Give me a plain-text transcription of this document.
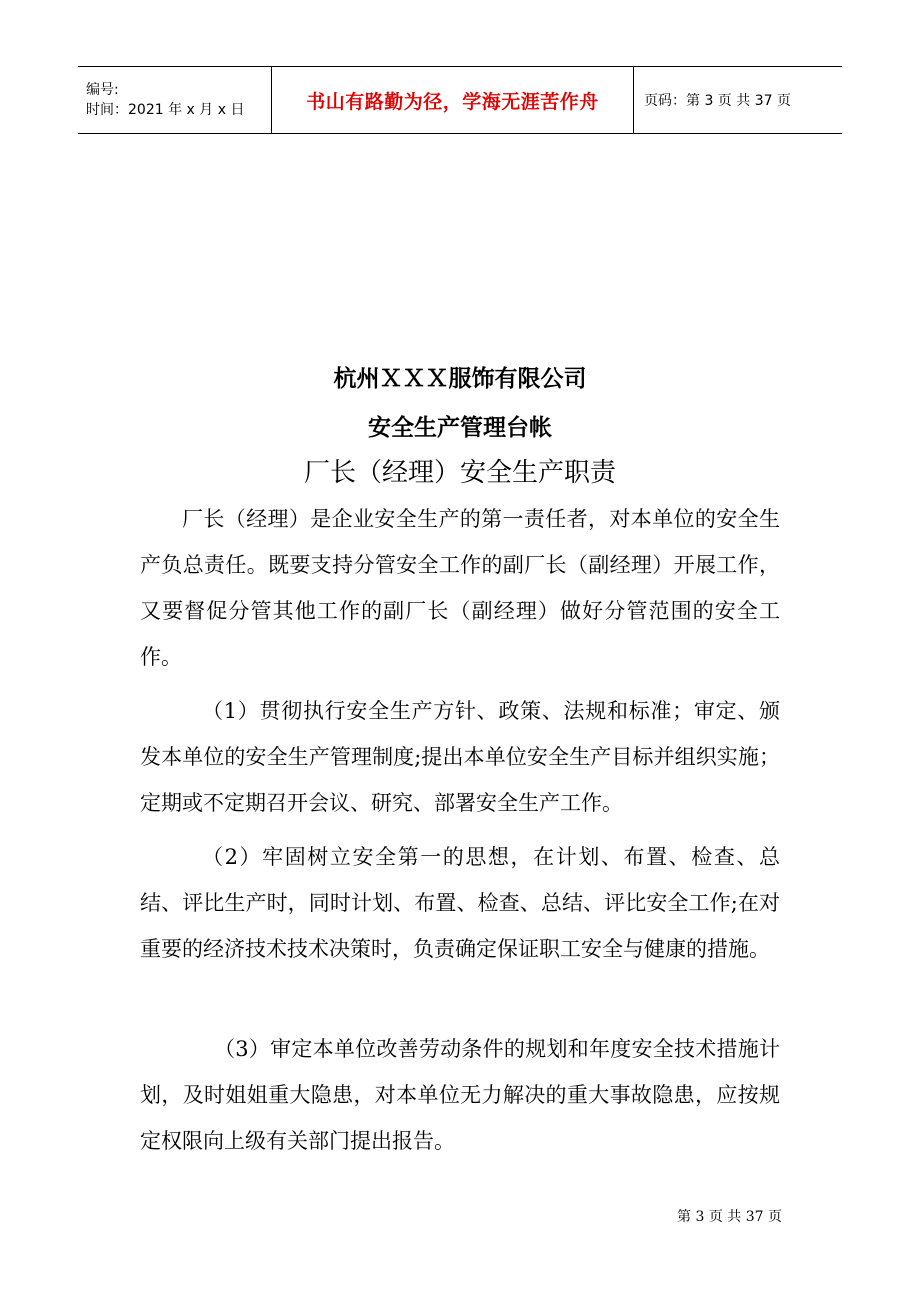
编号:
时间：2021 年 x 月 x 日	书山有路勤为径，学海无涯苦作舟	页码：第 3 页 共 37 页
杭州ＸＸＸ服饰有限公司
安全生产管理台帐
厂长（经理）安全生产职责
厂长（经理）是企业安全生产的第一责任者，对本单位的安全生产负总责任。既要支持分管安全工作的副厂长（副经理）开展工作，又要督促分管其他工作的副厂长（副经理）做好分管范围的安全工作。
（1）贯彻执行安全生产方针、政策、法规和标准；审定、颁发本单位的安全生产管理制度;提出本单位安全生产目标并组织实施；定期或不定期召开会议、研究、部署安全生产工作。
（2）牢固树立安全第一的思想，在计划、布置、检查、总结、评比生产时，同时计划、布置、检查、总结、评比安全工作;在对重要的经济技术技术决策时，负责确定保证职工安全与健康的措施。
（3）审定本单位改善劳动条件的规划和年度安全技术措施计划，及时姐姐重大隐患，对本单位无力解决的重大事故隐患，应按规定权限向上级有关部门提出报告。
第 3 页 共 37 页
